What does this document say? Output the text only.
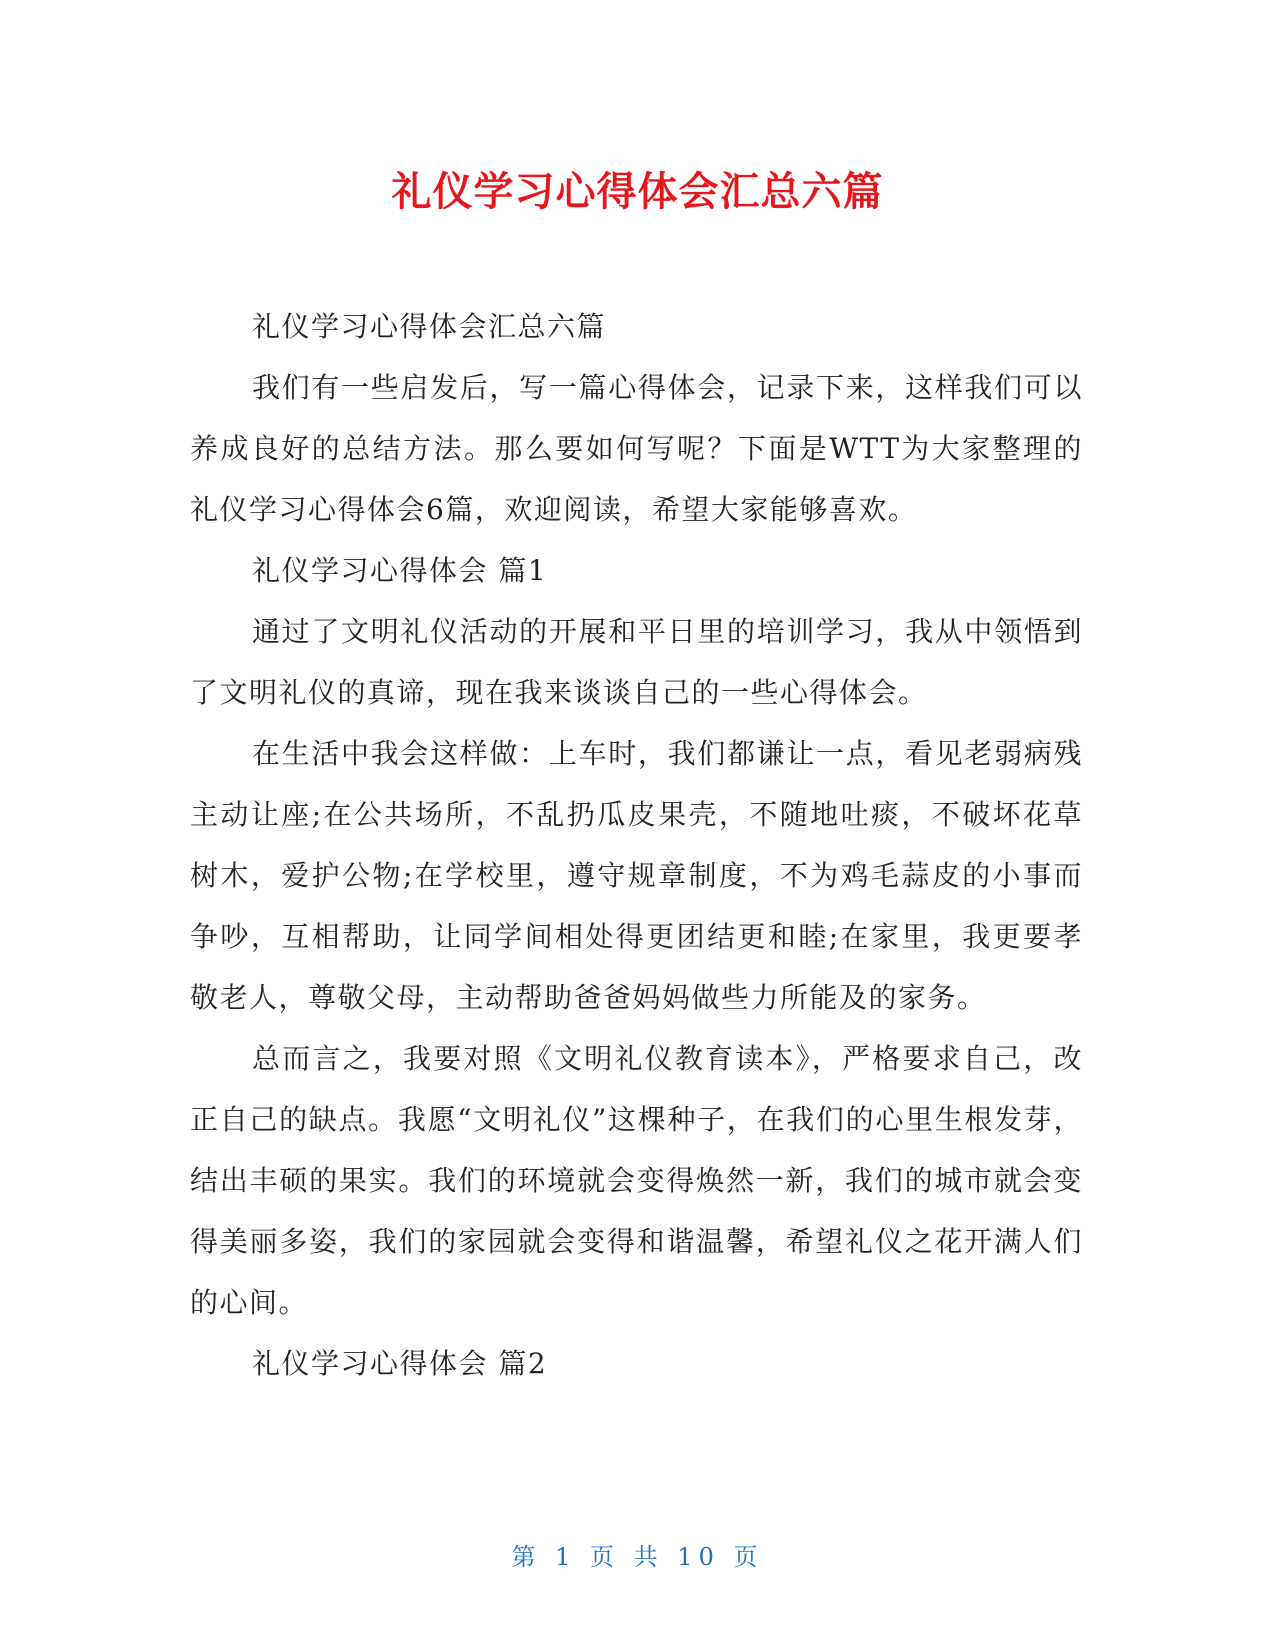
礼仪学习心得体会汇总六篇

礼仪学习心得体会汇总六篇

我们有一些启发后，写一篇心得体会，记录下来，这样我们可以养成良好的总结方法。那么要如何写呢？下面是WTT为大家整理的礼仪学习心得体会6篇，欢迎阅读，希望大家能够喜欢。

礼仪学习心得体会 篇1

通过了文明礼仪活动的开展和平日里的培训学习，我从中领悟到了文明礼仪的真谛，现在我来谈谈自己的一些心得体会。

在生活中我会这样做：上车时，我们都谦让一点，看见老弱病残主动让座;在公共场所，不乱扔瓜皮果壳，不随地吐痰，不破坏花草树木，爱护公物;在学校里，遵守规章制度，不为鸡毛蒜皮的小事而争吵，互相帮助，让同学间相处得更团结更和睦;在家里，我更要孝敬老人，尊敬父母，主动帮助爸爸妈妈做些力所能及的家务。

总而言之，我要对照《文明礼仪教育读本》，严格要求自己，改正自己的缺点。我愿“文明礼仪”这棵种子，在我们的心里生根发芽，结出丰硕的果实。我们的环境就会变得焕然一新，我们的城市就会变得美丽多姿，我们的家园就会变得和谐温馨，希望礼仪之花开满人们的心间。

礼仪学习心得体会 篇2

第 1 页 共 10 页
